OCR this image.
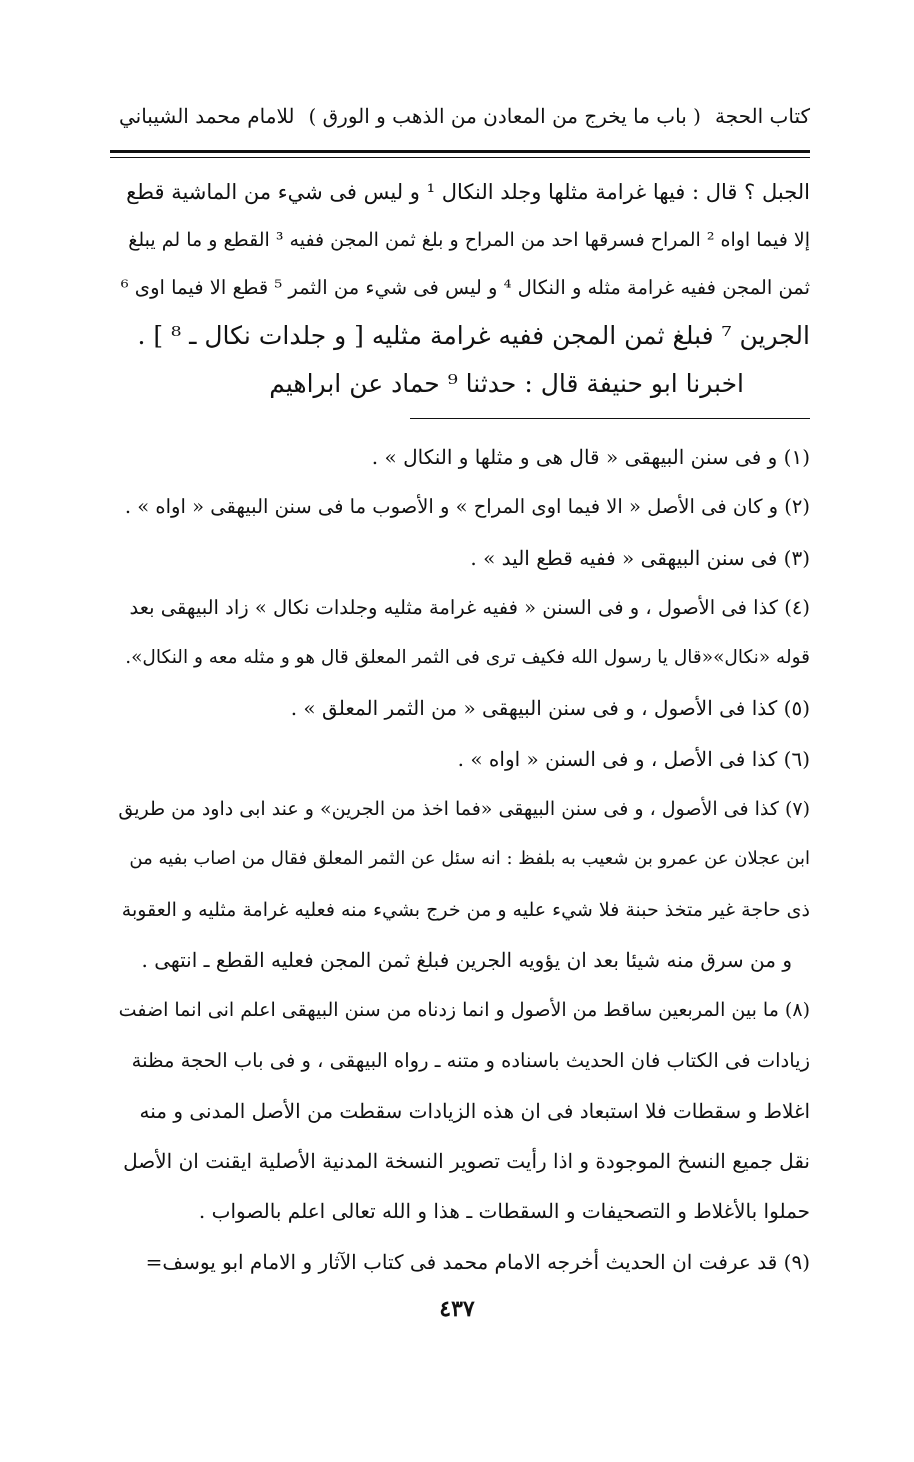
كتاب الحجة
( باب ما يخرج من المعادن من الذهب و الورق )
للامام محمد الشيباني
الجبل ؟ قال : فيها غرامة مثلها وجلد النكال ¹ و ليس فى شيء من الماشية قطع
إلا فيما اواه ² المراح فسرقها احد من المراح و بلغ ثمن المجن ففيه ³ القطع و ما لم يبلغ
ثمن المجن ففيه غرامة مثله و النكال ⁴ و ليس فى شيء من الثمر ⁵ قطع الا فيما اوى ⁶
الجرين ⁷ فبلغ ثمن المجن ففيه غرامة مثليه [ و جلدات نكال ـ ⁸ ] .
اخبرنا ابو حنيفة قال : حدثنا ⁹ حماد عن ابراهيم
(١) و فى سنن البيهقى « قال هى و مثلها و النكال » .
(٢) و كان فى الأصل « الا فيما اوى المراح » و الأصوب ما فى سنن البيهقى « اواه » .
(٣) فى سنن البيهقى « ففيه قطع اليد » .
(٤) كذا فى الأصول ، و فى السنن « ففيه غرامة مثليه وجلدات نكال » زاد البيهقى بعد
قوله «نكال»«قال يا رسول الله فكيف ترى فى الثمر المعلق قال هو و مثله معه و النكال».
(٥) كذا فى الأصول ، و فى سنن البيهقى « من الثمر المعلق » .
(٦) كذا فى الأصل ، و فى السنن « اواه » .
(٧) كذا فى الأصول ، و فى سنن البيهقى «فما اخذ من الجرين» و عند ابى داود من طريق
ابن عجلان عن عمرو بن شعيب به بلفظ : انه سئل عن الثمر المعلق فقال من اصاب بفيه من
ذى حاجة غير متخذ حبنة فلا شيء عليه و من خرج بشيء منه فعليه غرامة مثليه و العقوبة
و من سرق منه شيئا بعد ان يؤويه الجرين فبلغ ثمن المجن فعليه القطع ـ انتهى .
(٨) ما بين المربعين ساقط من الأصول و انما زدناه من سنن البيهقى اعلم انى انما اضفت
زيادات فى الكتاب فان الحديث باسناده و متنه ـ رواه البيهقى ، و فى باب الحجة مظنة
اغلاط و سقطات فلا استبعاد فى ان هذه الزيادات سقطت من الأصل المدنى و منه
نقل جميع النسخ الموجودة و اذا رأيت تصوير النسخة المدنية الأصلية ايقنت ان الأصل
حملوا بالأغلاط و التصحيفات و السقطات ـ هذا و الله تعالى اعلم بالصواب .
(٩) قد عرفت ان الحديث أخرجه الامام محمد فى كتاب الآثار و الامام ابو يوسف=
٤٣٧
